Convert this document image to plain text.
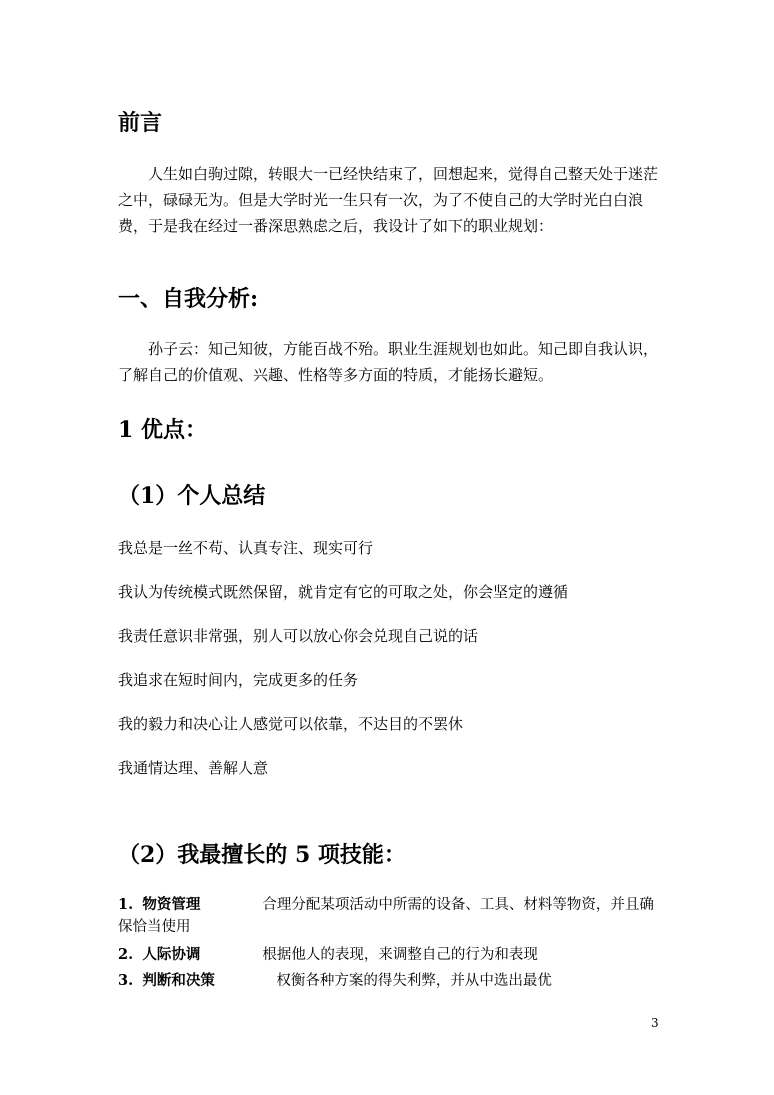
前言

人生如白驹过隙，转眼大一已经快结束了，回想起来，觉得自己整天处于迷茫之中，碌碌无为。但是大学时光一生只有一次，为了不使自己的大学时光白白浪费，于是我在经过一番深思熟虑之后，我设计了如下的职业规划：

一、自我分析:

孙子云：知己知彼，方能百战不殆。职业生涯规划也如此。知己即自我认识，了解自己的价值观、兴趣、性格等多方面的特质，才能扬长避短。

1 优点：
（1）个人总结

我总是一丝不苟、认真专注、现实可行

我认为传统模式既然保留，就肯定有它的可取之处，你会坚定的遵循

我责任意识非常强，别人可以放心你会兑现自己说的话

我追求在短时间内，完成更多的任务

我的毅力和决心让人感觉可以依靠，不达目的不罢休

我通情达理、善解人意

（2）我最擅长的 5 项技能：

1. 物资管理	合理分配某项活动中所需的设备、工具、材料等物资，并且确保恰当使用

2. 人际协调	根据他人的表现，来调整自己的行为和表现

3. 判断和决策	权衡各种方案的得失利弊，并从中选出最优

3
